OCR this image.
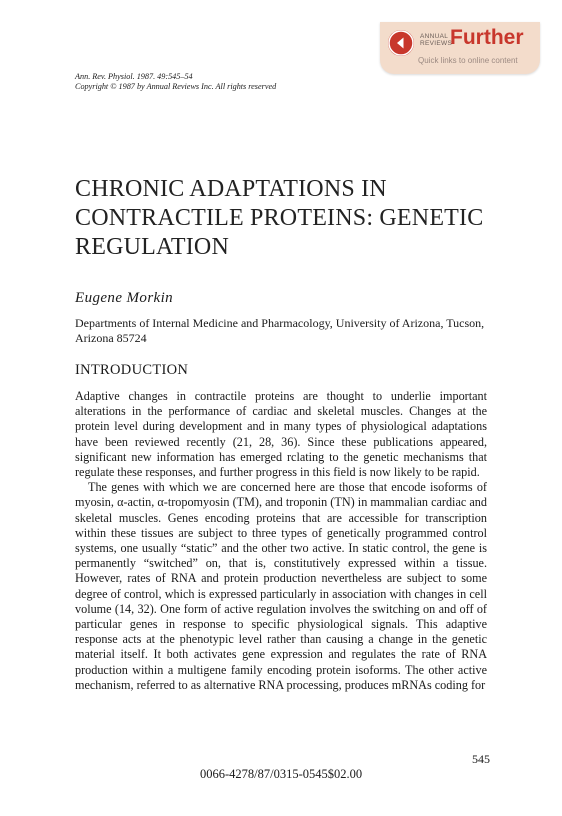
ANNUAL
REVIEWS
Further
Quick links to online content
Ann. Rev. Physiol. 1987. 49:545–54
Copyright © 1987 by Annual Reviews Inc. All rights reserved
CHRONIC ADAPTATIONS IN CONTRACTILE PROTEINS: GENETIC REGULATION
Eugene Morkin
Departments of Internal Medicine and Pharmacology, University of Arizona, Tucson, Arizona 85724
INTRODUCTION

Adaptive changes in contractile proteins are thought to underlie important alterations in the performance of cardiac and skeletal muscles. Changes at the protein level during development and in many types of physiological adaptations have been reviewed recently (21, 28, 36). Since these publications appeared, significant new information has emerged rclating to the genetic mechanisms that regulate these responses, and further progress in this field is now likely to be rapid.

The genes with which we are concerned here are those that encode isoforms of myosin, α-actin, α-tropomyosin (TM), and troponin (TN) in mammalian cardiac and skeletal muscles. Genes encoding proteins that are accessible for transcription within these tissues are subject to three types of genetically programmed control systems, one usually “static” and the other two active. In static control, the gene is permanently “switched” on, that is, constitutively expressed within a tissue. However, rates of RNA and protein production nevertheless are subject to some degree of control, which is expressed particularly in association with changes in cell volume (14, 32). One form of active regulation involves the switching on and off of particular genes in response to specific physiological signals. This adaptive response acts at the phenotypic level rather than causing a change in the genetic material itself. It both activates gene expression and regulates the rate of RNA production within a multigene family encoding protein isoforms. The other active mechanism, referred to as alternative RNA processing, produces mRNAs coding for

545
0066-4278/87/0315-0545$02.00
